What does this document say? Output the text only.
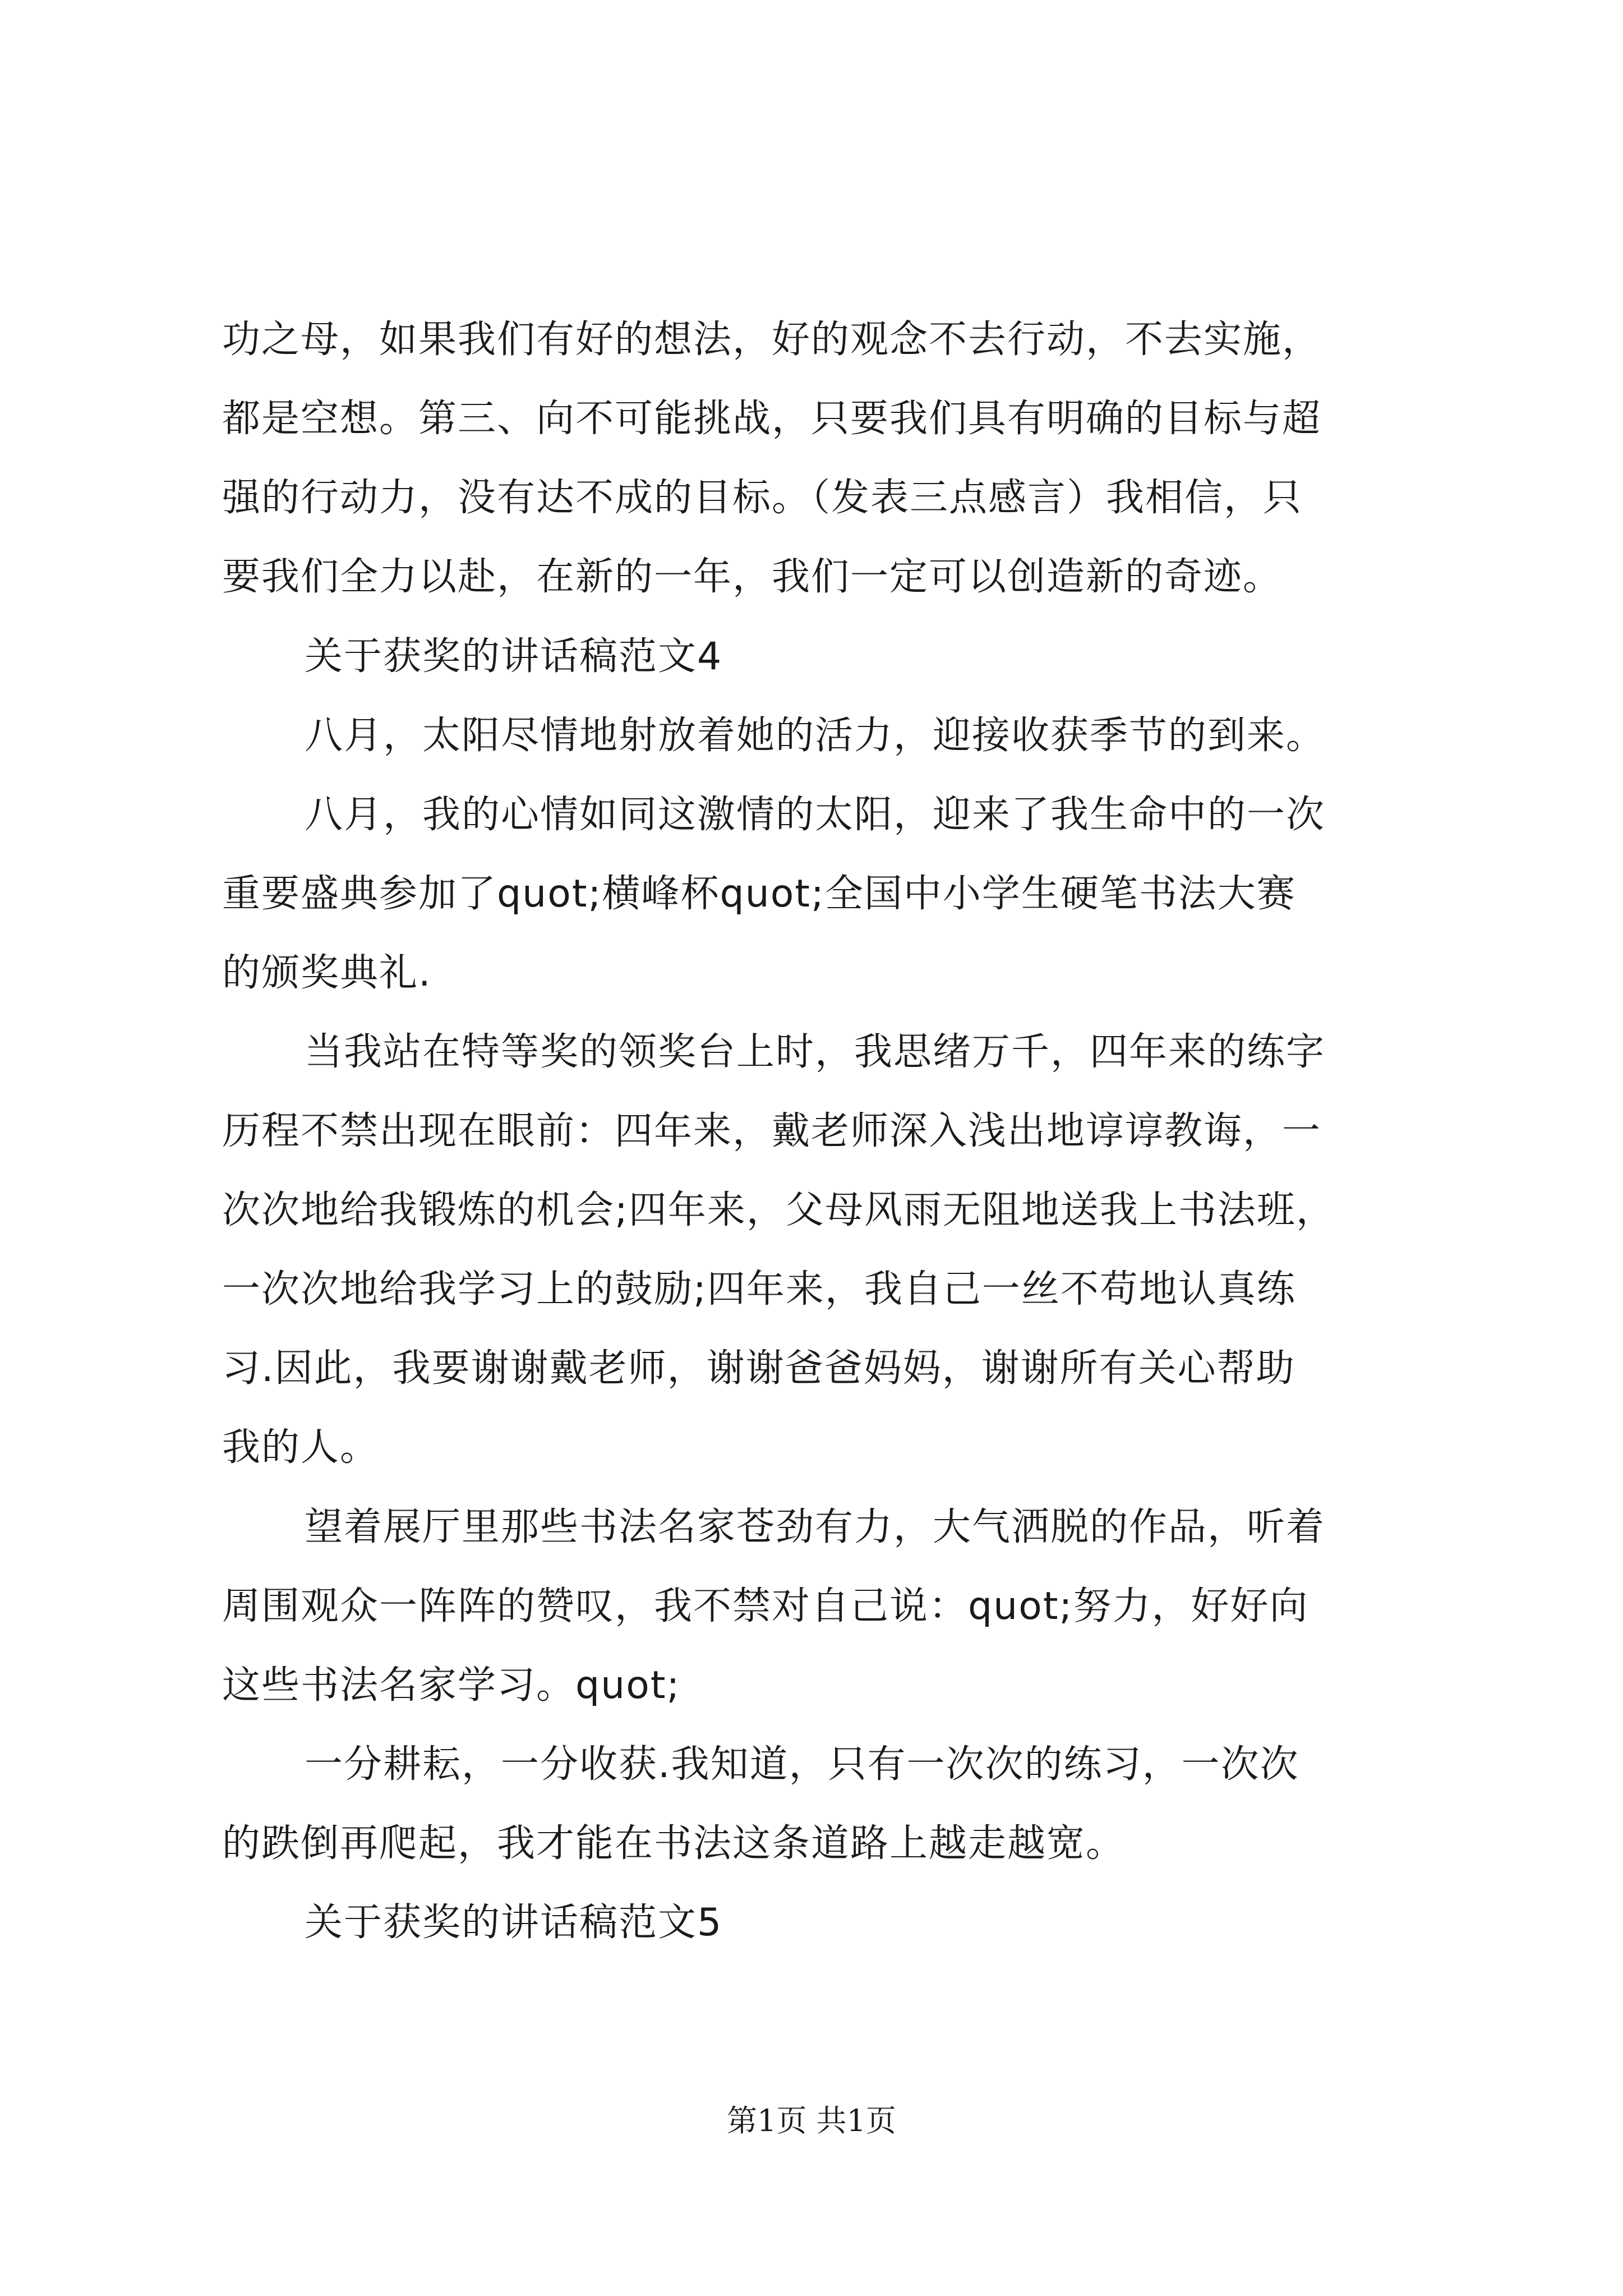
功之母，如果我们有好的想法，好的观念不去行动，不去实施，
都是空想。第三、向不可能挑战，只要我们具有明确的目标与超
强的行动力，没有达不成的目标。（发表三点感言）我相信，只
要我们全力以赴，在新的一年，我们一定可以创造新的奇迹。
关于获奖的讲话稿范文4
八月，太阳尽情地射放着她的活力，迎接收获季节的到来。
八月，我的心情如同这激情的太阳，迎来了我生命中的一次
重要盛典参加了quot;横峰杯quot;全国中小学生硬笔书法大赛
的颁奖典礼.
当我站在特等奖的领奖台上时，我思绪万千，四年来的练字
历程不禁出现在眼前：四年来，戴老师深入浅出地谆谆教诲，一
次次地给我锻炼的机会;四年来，父母风雨无阻地送我上书法班，
一次次地给我学习上的鼓励;四年来，我自己一丝不苟地认真练
习.因此，我要谢谢戴老师，谢谢爸爸妈妈，谢谢所有关心帮助
我的人。
望着展厅里那些书法名家苍劲有力，大气洒脱的作品，听着
周围观众一阵阵的赞叹，我不禁对自己说：quot;努力，好好向
这些书法名家学习。quot;
一分耕耘，一分收获.我知道，只有一次次的练习，一次次
的跌倒再爬起，我才能在书法这条道路上越走越宽。
关于获奖的讲话稿范文5
第1页 共1页
